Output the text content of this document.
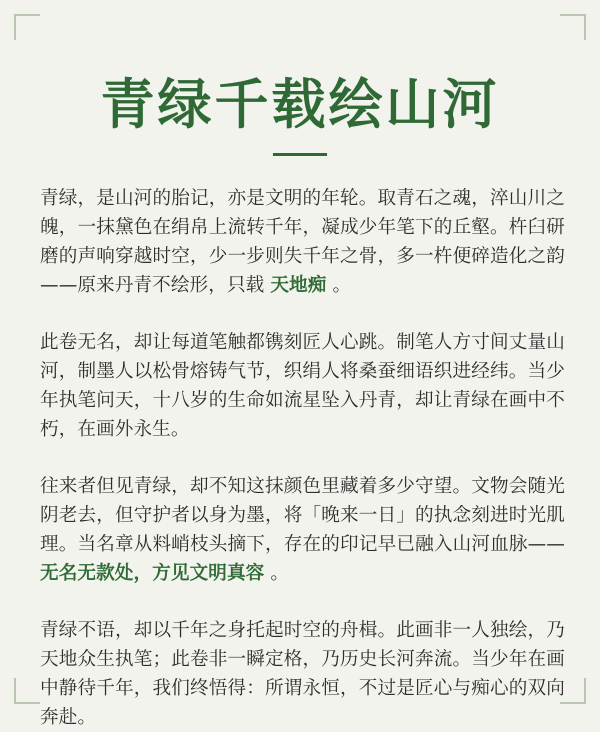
青绿千载绘山河

青绿，是山河的胎记，亦是文明的年轮。取青石之魂，淬山川之魄，一抹黛色在绢帛上流转千年，凝成少年笔下的丘壑。杵臼研磨的声响穿越时空，少一步则失千年之骨，多一杵便碎造化之韵——原来丹青不绘形，只载 天地痴 。

此卷无名，却让每道笔触都镌刻匠人心跳。制笔人方寸间丈量山河，制墨人以松骨熔铸气节，织绢人将桑蚕细语织进经纬。当少年执笔问天，十八岁的生命如流星坠入丹青，却让青绿在画中不朽，在画外永生。

往来者但见青绿，却不知这抹颜色里藏着多少守望。文物会随光阴老去，但守护者以身为墨，将「晚来一日」的执念刻进时光肌理。当名章从料峭枝头摘下，存在的印记早已融入山河血脉—— 无名无款处，方见文明真容 。

青绿不语，却以千年之身托起时空的舟楫。此画非一人独绘，乃天地众生执笔；此卷非一瞬定格，乃历史长河奔流。当少年在画中静待千年，我们终悟得：所谓永恒，不过是匠心与痴心的双向奔赴。
